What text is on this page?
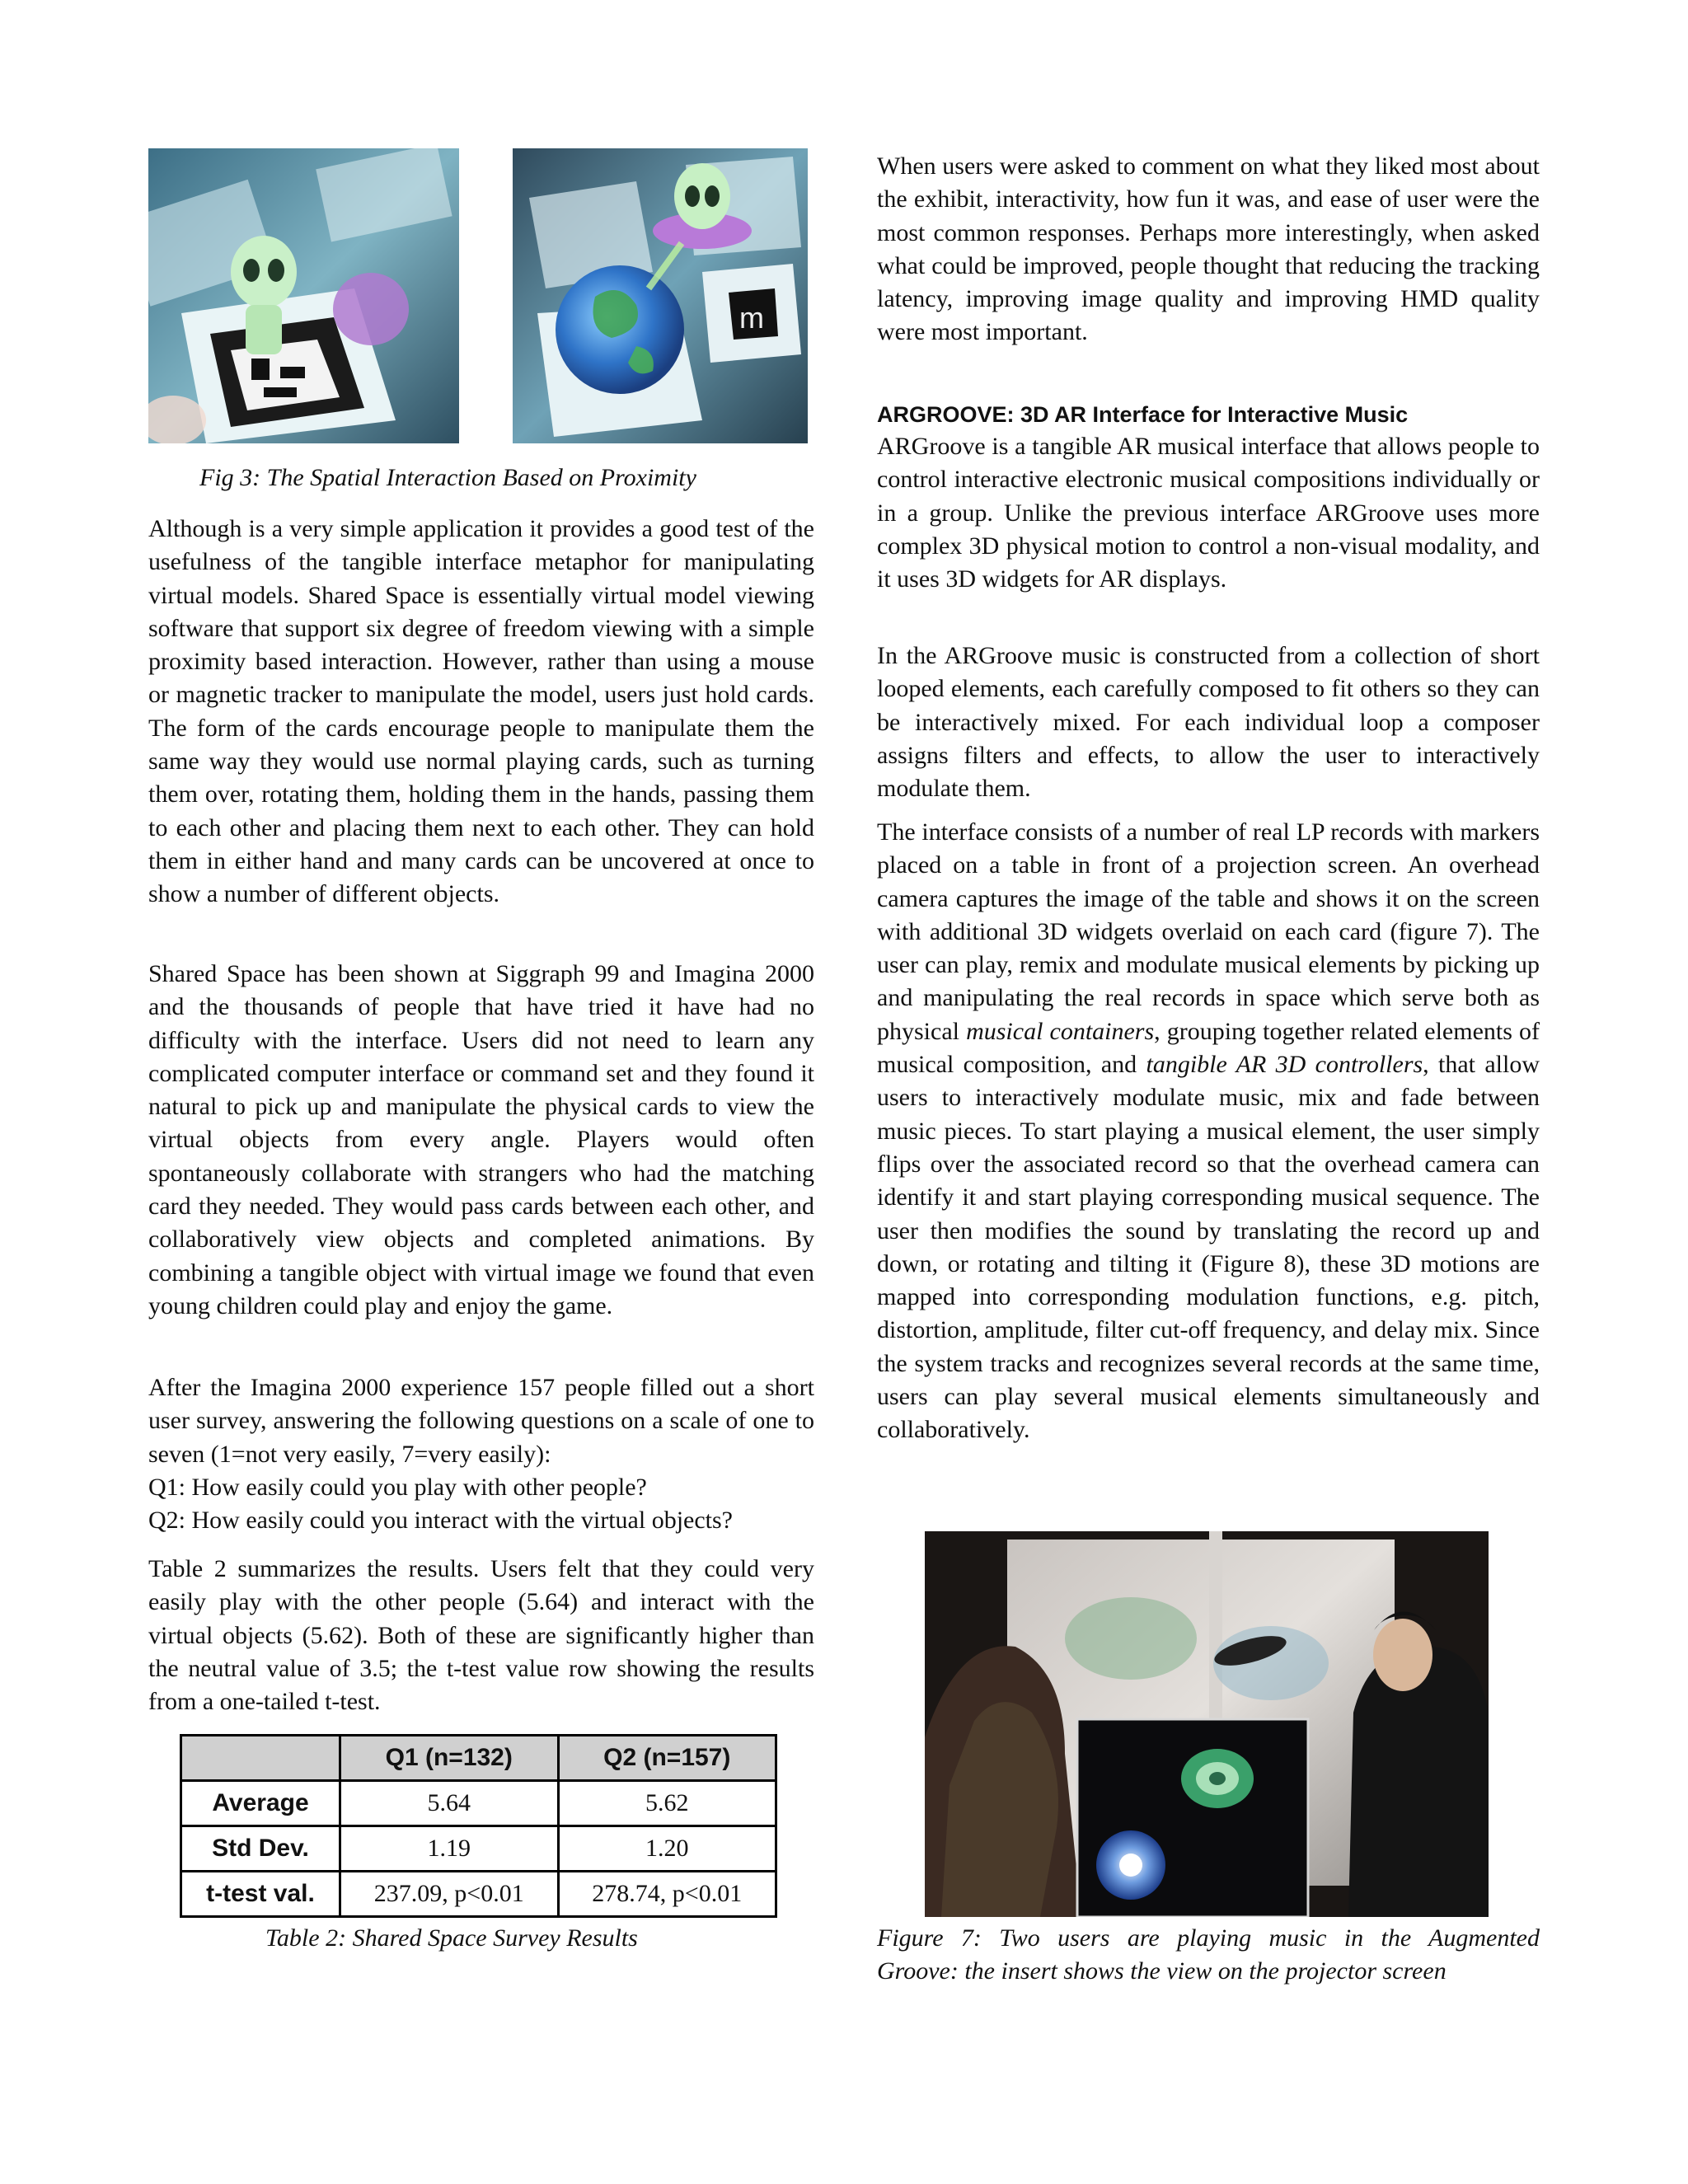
m

Fig 3: The Spatial Interaction Based on Proximity

Although is a very simple application it provides a good test of the usefulness of the tangible interface metaphor for manipulating virtual models. Shared Space is essentially virtual model viewing software that support six degree of freedom viewing with a simple proximity based interaction. However, rather than using a mouse or magnetic tracker to manipulate the model, users just hold cards. The form of the cards encourage people to manipulate them the same way they would use normal playing cards, such as turning them over, rotating them, holding them in the hands, passing them to each other and placing them next to each other. They can hold them in either hand and many cards can be uncovered at once to show a number of different objects.

Shared Space has been shown at Siggraph 99 and Imagina 2000 and the thousands of people that have tried it have had no difficulty with the interface. Users did not need to learn any complicated computer interface or command set and they found it natural to pick up and manipulate the physical cards to view the virtual objects from every angle. Players would often spontaneously collaborate with strangers who had the matching card they needed. They would pass cards between each other, and collaboratively view objects and completed animations. By combining a tangible object with virtual image we found that even young children could play and enjoy the game.

After the Imagina 2000 experience 157 people filled out a short user survey, answering the following questions on a scale of one to seven (1=not very easily, 7=very easily):

Q1: How easily could you play with other people?

Q2: How easily could you interact with the virtual objects?

Table 2 summarizes the results. Users felt that they could very easily play with the other people (5.64) and interact with the virtual objects (5.62). Both of these are significantly higher than the neutral value of 3.5; the t-test value row showing the results from a one-tailed t-test.

	Q1 (n=132)	Q2 (n=157)
Average	5.64	5.62
Std Dev.	1.19	1.20
t-test val.	237.09, p<0.01	278.74, p<0.01

Table 2: Shared Space Survey Results

When users were asked to comment on what they liked most about the exhibit, interactivity, how fun it was, and ease of user were the most common responses. Perhaps more interestingly, when asked what could be improved, people thought that reducing the tracking latency, improving image quality and improving HMD quality were most important.

ARGROOVE: 3D AR Interface for Interactive Music

ARGroove is a tangible AR musical interface that allows people to control interactive electronic musical compositions individually or in a group. Unlike the previous interface ARGroove uses more complex 3D physical motion to control a non-visual modality, and it uses 3D widgets for AR displays.

In the ARGroove music is constructed from a collection of short looped elements, each carefully composed to fit others so they can be interactively mixed. For each individual loop a composer assigns filters and effects, to allow the user to interactively modulate them.

The interface consists of a number of real LP records with markers placed on a table in front of a projection screen. An overhead camera captures the image of the table and shows it on the screen with additional 3D widgets overlaid on each card (figure 7). The user can play, remix and modulate musical elements by picking up and manipulating the real records in space which serve both as physical musical containers, grouping together related elements of musical composition, and tangible AR 3D controllers, that allow users to interactively modulate music, mix and fade between music pieces. To start playing a musical element, the user simply flips over the associated record so that the overhead camera can identify it and start playing corresponding musical sequence. The user then modifies the sound by translating the record up and down, or rotating and tilting it (Figure 8), these 3D motions are mapped into corresponding modulation functions, e.g. pitch, distortion, amplitude, filter cut-off frequency, and delay mix. Since the system tracks and recognizes several records at the same time, users can play several musical elements simultaneously and collaboratively.

Figure 7: Two users are playing music in the Augmented

Groove: the insert shows the view on the projector screen
